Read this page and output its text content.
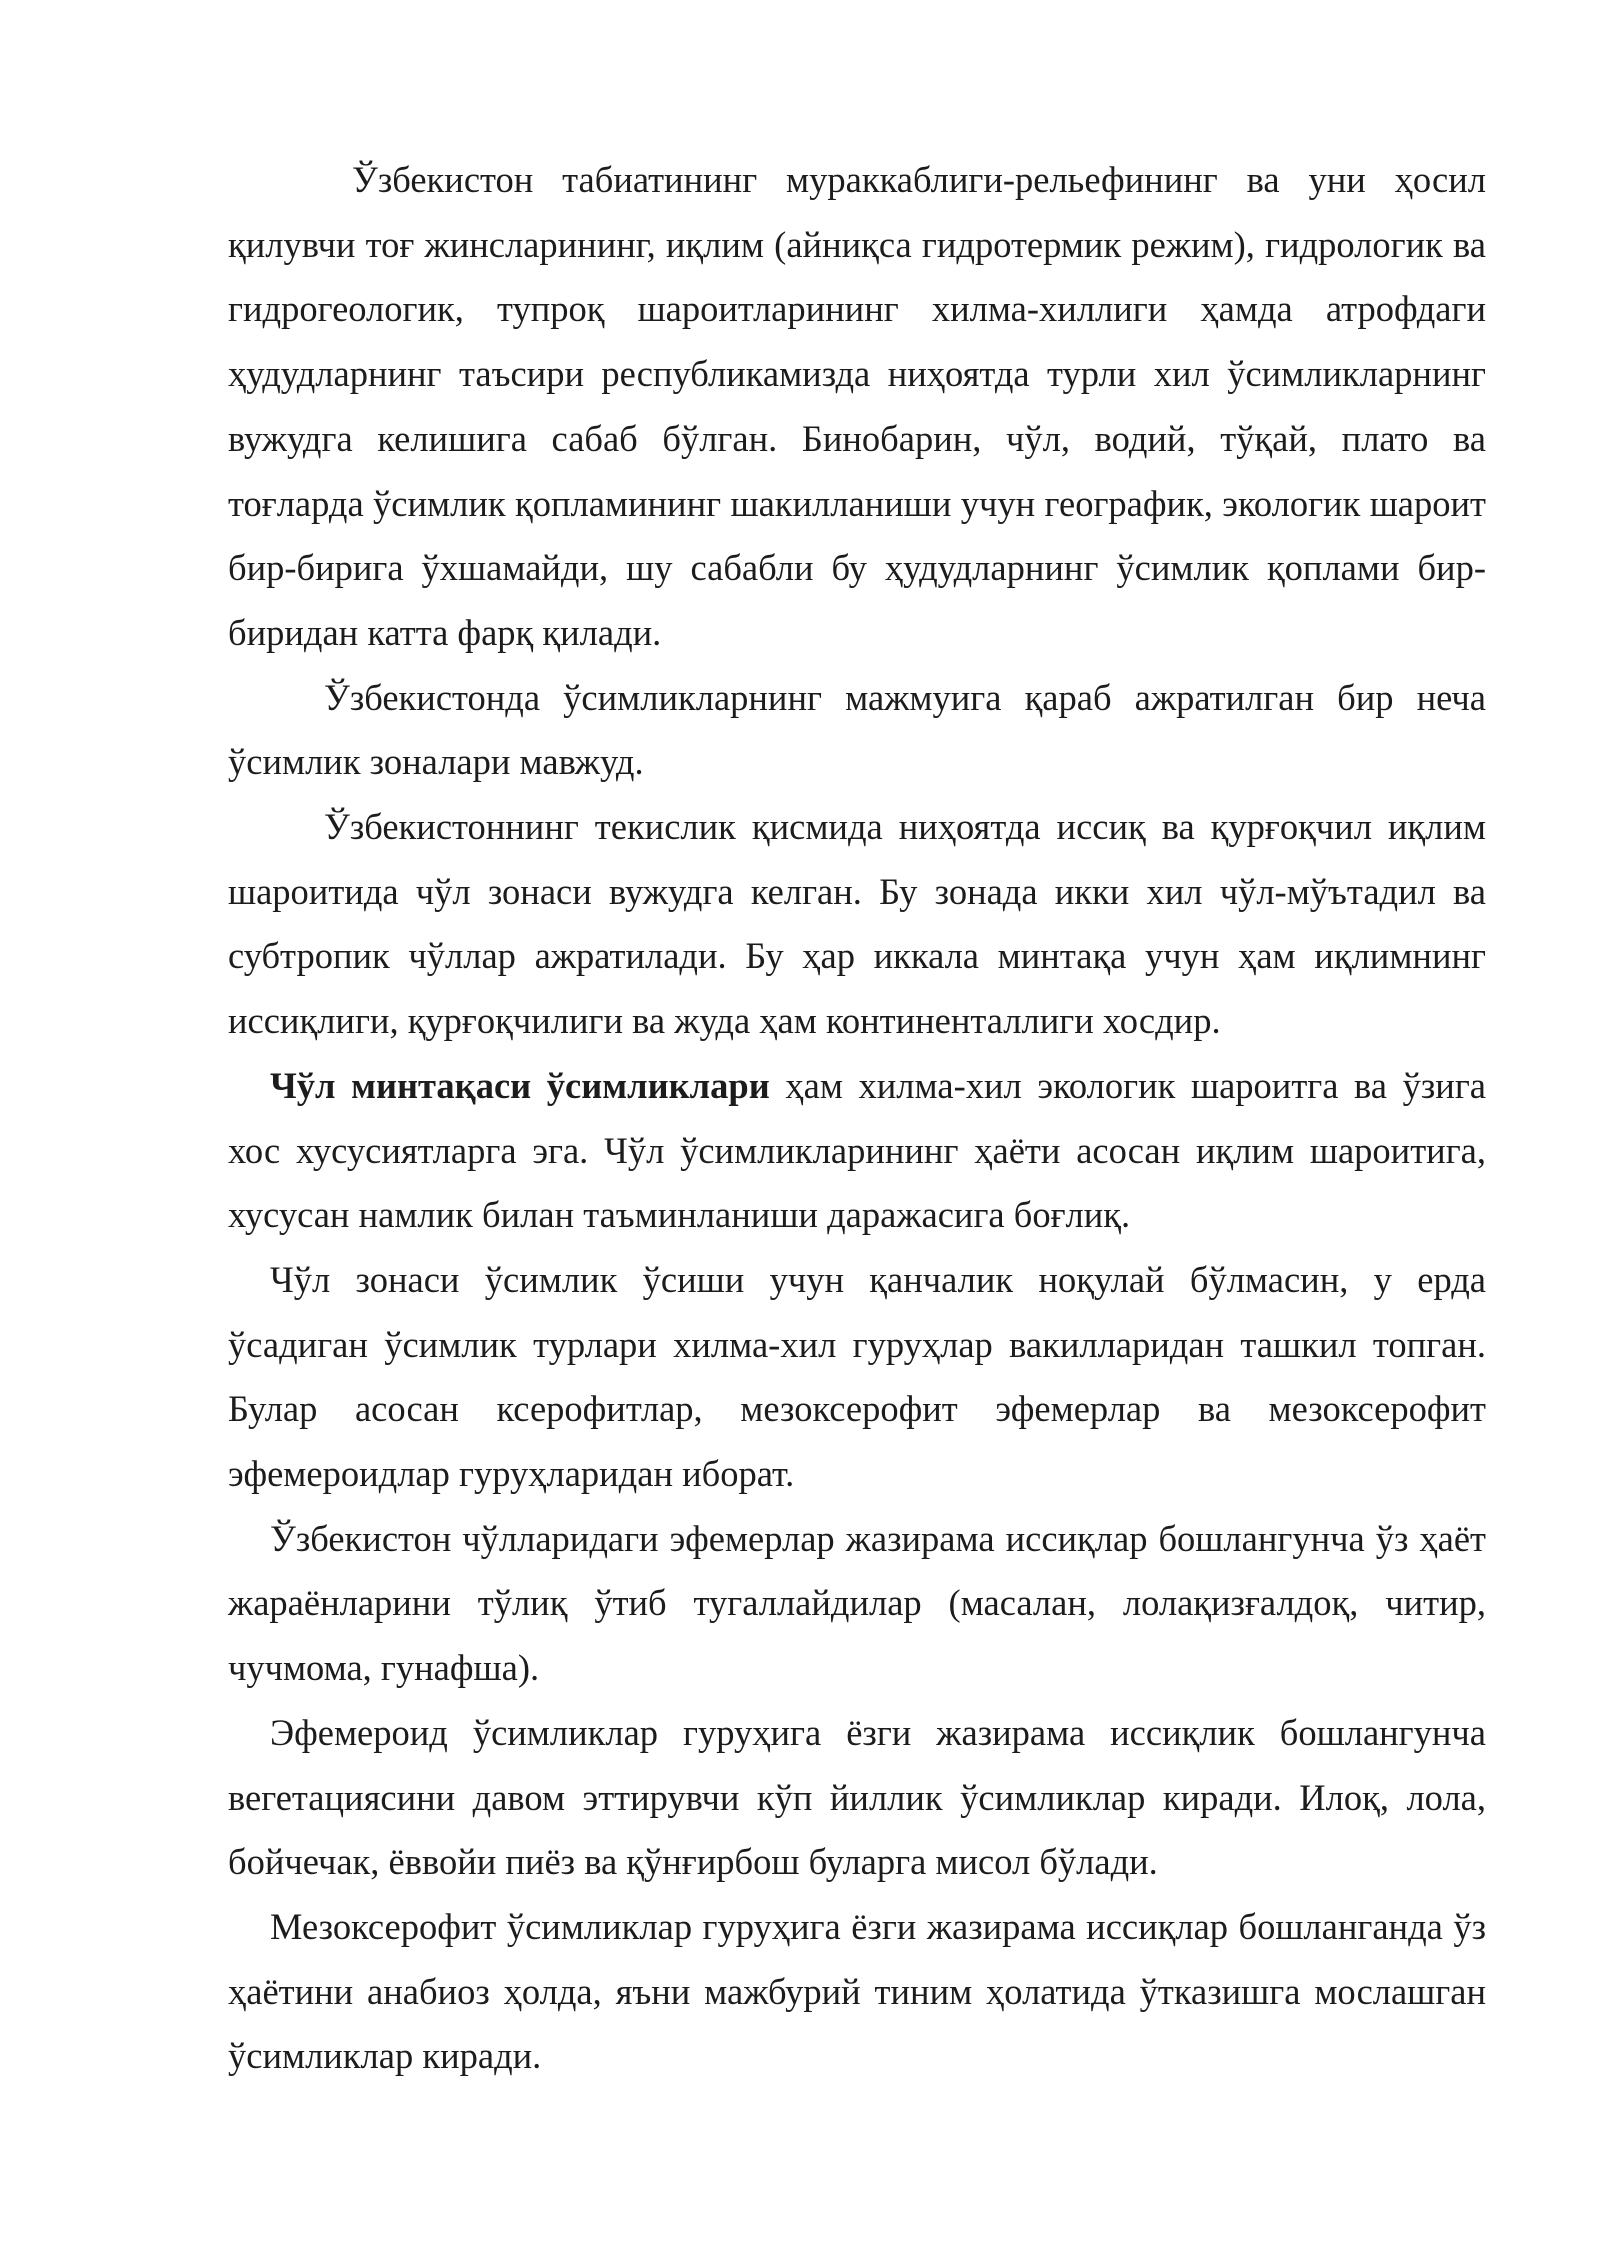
Ўзбекистон табиатининг мураккаблиги-рельефининг ва уни ҳосил қилувчи тоғ жинсларининг, иқлим (айниқса гидротермик режим), гидрологик ва гидрогеологик, тупроқ шароитларининг хилма-хиллиги ҳамда атрофдаги ҳудудларнинг таъсири республикамизда ниҳоятда турли хил ўсимликларнинг вужудга келишига сабаб бўлган. Бинобарин, чўл, водий, тўқай, плато ва тоғларда ўсимлик қопламининг шакилланиши учун географик, экологик шароит бир-бирига ўхшамайди, шу сабабли бу ҳудудларнинг ўсимлик қоплами бир-биридан катта фарқ қилади.

Ўзбекистонда ўсимликларнинг мажмуига қараб ажратилган бир неча ўсимлик зоналари мавжуд.

Ўзбекистоннинг текислик қисмида ниҳоятда иссиқ ва қурғоқчил иқлим шароитида чўл зонаси вужудга келган. Бу зонада икки хил чўл-мўътадил ва субтропик чўллар ажратилади. Бу ҳар иккала минтақа учун ҳам иқлимнинг иссиқлиги, қурғоқчилиги ва жуда ҳам континенталлиги хосдир.

Чўл минтақаси ўсимликлари ҳам хилма-хил экологик шароитга ва ўзига хос хусусиятларга эга. Чўл ўсимликларининг ҳаёти асосан иқлим шароитига, хусусан намлик билан таъминланиши даражасига боғлиқ.

Чўл зонаси ўсимлик ўсиши учун қанчалик ноқулай бўлмасин, у ерда ўсадиган ўсимлик турлари хилма-хил гуруҳлар вакилларидан ташкил топган. Булар асосан ксерофитлар, мезоксерофит эфемерлар ва мезоксерофит эфемероидлар гуруҳларидан иборат.

Ўзбекистон чўлларидаги эфемерлар жазирама иссиқлар бошлангунча ўз ҳаёт жараёнларини тўлиқ ўтиб тугаллайдилар (масалан, лолақизғалдоқ, читир, чучмома, гунафша).

Эфемероид ўсимликлар гуруҳига ёзги жазирама иссиқлик бошлангунча вегетациясини давом эттирувчи кўп йиллик ўсимликлар киради. Илоқ, лола, бойчечак, ёввойи пиёз ва қўнғирбош буларга мисол бўлади.

Мезоксерофит ўсимликлар гуруҳига ёзги жазирама иссиқлар бошланганда ўз ҳаётини анабиоз ҳолда, яъни мажбурий тиним ҳолатида ўтказишга мослашган ўсимликлар киради.
